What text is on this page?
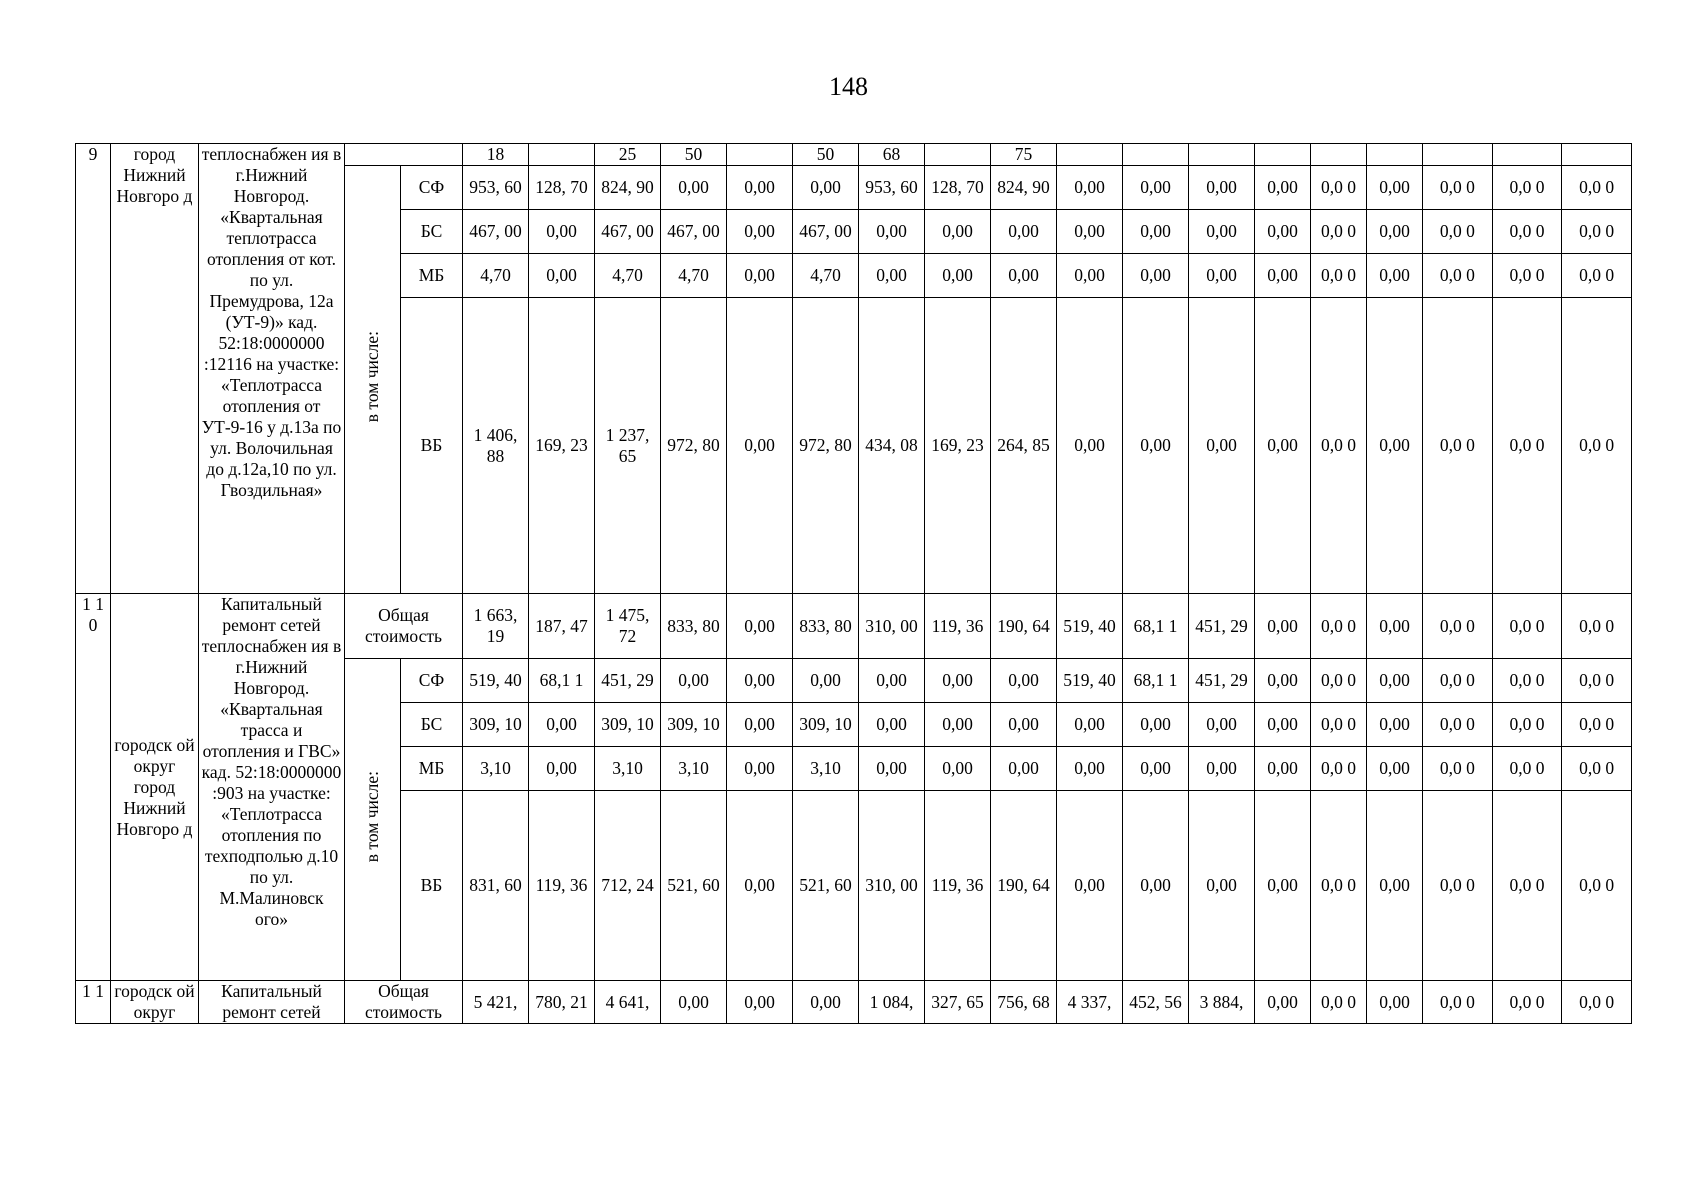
148
9	город Нижний Новгоро д	теплоснабжен ия в г.Нижний Новгород. «Квартальная теплотрасса отопления от кот. по ул. Премудрова, 12а (УТ-9)» кад. 52:18:0000000 :12116 на участке: «Теплотрасса отопления от УТ-9-16 у д.13а по ул. Волочильная до д.12а,10 по ул. Гвоздильная»			18		25	50		50	68		75									
			в том числе:	СФ	953, 60	128, 70	824, 90	0,00	0,00	0,00	953, 60	128, 70	824, 90	0,00	0,00	0,00	0,00	0,0 0	0,00	0,0 0	0,0 0	0,0 0
				БС	467, 00	0,00	467, 00	467, 00	0,00	467, 00	0,00	0,00	0,00	0,00	0,00	0,00	0,00	0,0 0	0,00	0,0 0	0,0 0	0,0 0
				МБ	4,70	0,00	4,70	4,70	0,00	4,70	0,00	0,00	0,00	0,00	0,00	0,00	0,00	0,0 0	0,00	0,0 0	0,0 0	0,0 0
				ВБ	1 406, 88	169, 23	1 237, 65	972, 80	0,00	972, 80	434, 08	169, 23	264, 85	0,00	0,00	0,00	0,00	0,0 0	0,00	0,0 0	0,0 0	0,0 0
1 1 0	городск ой округ город Нижний Новгоро д	Капитальный ремонт сетей теплоснабжен ия в г.Нижний Новгород. «Квартальная трасса и отопления и ГВС» кад. 52:18:0000000 :903 на участке: «Теплотрасса отопления по техподполью д.10 по ул. М.Малиновск ого»	Общая стоимость		1 663, 19	187, 47	1 475, 72	833, 80	0,00	833, 80	310, 00	119, 36	190, 64	519, 40	68,1 1	451, 29	0,00	0,0 0	0,00	0,0 0	0,0 0	0,0 0
			в том числе:	СФ	519, 40	68,1 1	451, 29	0,00	0,00	0,00	0,00	0,00	0,00	519, 40	68,1 1	451, 29	0,00	0,0 0	0,00	0,0 0	0,0 0	0,0 0
				БС	309, 10	0,00	309, 10	309, 10	0,00	309, 10	0,00	0,00	0,00	0,00	0,00	0,00	0,00	0,0 0	0,00	0,0 0	0,0 0	0,0 0
				МБ	3,10	0,00	3,10	3,10	0,00	3,10	0,00	0,00	0,00	0,00	0,00	0,00	0,00	0,0 0	0,00	0,0 0	0,0 0	0,0 0
				ВБ	831, 60	119, 36	712, 24	521, 60	0,00	521, 60	310, 00	119, 36	190, 64	0,00	0,00	0,00	0,00	0,0 0	0,00	0,0 0	0,0 0	0,0 0
1 1	городск ой округ	Капитальный ремонт сетей	Общая стоимость		5 421,	780, 21	4 641,	0,00	0,00	0,00	1 084,	327, 65	756, 68	4 337,	452, 56	3 884,	0,00	0,0 0	0,00	0,0 0	0,0 0	0,0 0
